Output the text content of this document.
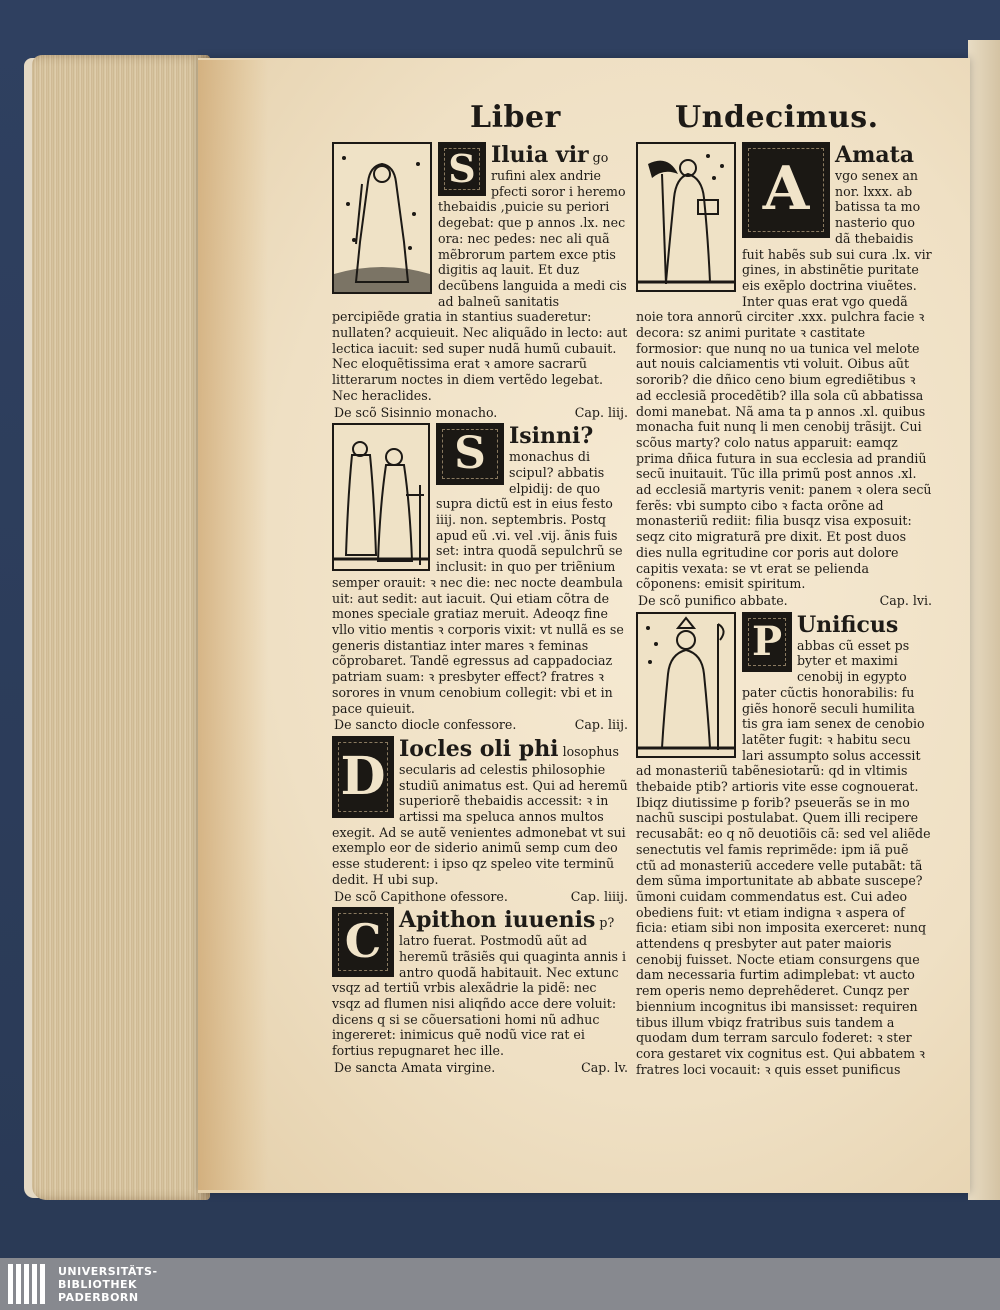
Liber	Undecimus.
S Iluia vir go rufini alex andrie pfecti soror i heremo thebaidis ,puicie su periori degebat: que p annos .lx. nec ora: nec pedes: nec ali quã mẽbrorum partem exce ptis digitis aq lauit. Et duz decũbens languida a medi cis ad balneũ sanitatis percipiẽde gratia in stantius suaderetur: nullaten? acquieuit. Nec aliquãdo in lecto: aut lectica iacuit: sed super nudã humũ cubauit. Nec eloquẽtissima erat ꝛ amore sacrarũ litterarum noctes in diem vertẽdo legebat. Nec heraclides.
De scõ Sisinnio monacho.	Cap. liij.
S Isinni? monachus di scipul? abbatis elpidij: de quo supra dictũ est in eius festo iiij. non. septembris. Postq apud eũ .vi. vel .vij. ãnis fuis set: intra quodã sepulchrũ se inclusit: in quo per triẽnium semper orauit: ꝛ nec die: nec nocte deambula uit: aut sedit: aut iacuit. Qui etiam cõtra de mones speciale gratiaz meruit. Adeoqz fine vllo vitio mentis ꝛ corporis vixit: vt nullã es se generis distantiaz inter mares ꝛ feminas cõprobaret. Tandẽ egressus ad cappadociaz patriam suam: ꝛ presbyter effect? fratres ꝛ sorores in vnum cenobium collegit: vbi et in pace quieuit.
De sancto diocle confessore.	Cap. liij.
D Iocles oli phi losophus secularis ad celestis philosophie studiũ animatus est. Qui ad heremũ superiorẽ thebaidis accessit: ꝛ in artissi ma speluca annos multos exegit. Ad se autẽ venientes admonebat vt sui exemplo eor de siderio animũ semp cum deo esse studerent: i ipso qz speleo vite terminũ dedit. H ubi sup.
De scõ Capithone ofessore.	Cap. liiij.
C Apithon iuuenis p? latro fuerat. Postmodũ aũt ad heremũ trãsiẽs qui quaginta annis i antro quodã habitauit. Nec extunc vsqz ad tertiũ vrbis alexãdrie la pidẽ: nec vsqz ad flumen nisi aliqñdo acce dere voluit: dicens q si se cõuersationi homi nũ adhuc ingereret: inimicus quẽ nodũ vice rat ei fortius repugnaret hec ille.
De sancta Amata virgine.	Cap. lv.
A Amata vgo senex an nor. lxxx. ab batissa ta mo nasterio quo dã thebaidis fuit habẽs sub sui cura .lx. vir gines, in abstinẽtie puritate eis exẽplo doctrina viuẽtes. Inter quas erat vgo quedã noie tora annorũ circiter .xxx. pulchra facie ꝛ decora: sz animi puritate ꝛ castitate formosior: que nunq no ua tunica vel melote aut nouis calciamentis vti voluit. Oibus aũt sororib? die dñico ceno bium egrediẽtibus ꝛ ad ecclesiã procedẽtib? illa sola cũ abbatissa domi manebat. Nã ama ta p annos .xl. quibus monacha fuit nunq li men cenobij trãsijt. Cui scõus marty? colo natus apparuit: eamqz prima dñica futura in sua ecclesia ad prandiũ secũ inuitauit. Tũc illa primũ post annos .xl. ad ecclesiã martyris venit: panem ꝛ olera secũ ferẽs: vbi sumpto cibo ꝛ facta orõne ad monasteriũ rediit: filia busqz visa exposuit: seqz cito migraturã pre dixit. Et post duos dies nulla egritudine cor poris aut dolore capitis vexata: se vt erat se pelienda cõponens: emisit spiritum.
De scõ punifico abbate.	Cap. lvi.
P Unificus abbas cũ esset ps byter et maximi cenobij in egypto pater cũctis honorabilis: fu giẽs honorẽ seculi humilita tis gra iam senex de cenobio latẽter fugit: ꝛ habitu secu lari assumpto solus accessit ad monasteriũ tabẽnesiotarũ: qd in vltimis thebaide ptib? artioris vite esse cognouerat. Ibiqz diutissime p forib? pseuerãs se in mo nachũ suscipi postulabat. Quem illi recipere recusabãt: eo q nõ deuotiõis cã: sed vel aliẽde senectutis vel famis reprimẽde: ipm iã puẽ ctũ ad monasteriũ accedere velle putabãt: tã dem sũma importunitate ab abbate suscepe? ũmoni cuidam commendatus est. Cui adeo obediens fuit: vt etiam indigna ꝛ aspera of ficia: etiam sibi non imposita exerceret: nunq attendens q presbyter aut pater maioris cenobij fuisset. Nocte etiam consurgens que dam necessaria furtim adimplebat: vt aucto rem operis nemo deprehẽderet. Cunqz per biennium incognitus ibi mansisset: requiren tibus illum vbiqz fratribus suis tandem a quodam dum terram sarculo foderet: ꝛ ster cora gestaret vix cognitus est. Qui abbatem ꝛ fratres loci vocauit: ꝛ quis esset punificus
UNIVERSITÄTS-
BIBLIOTHEK
PADERBORN
